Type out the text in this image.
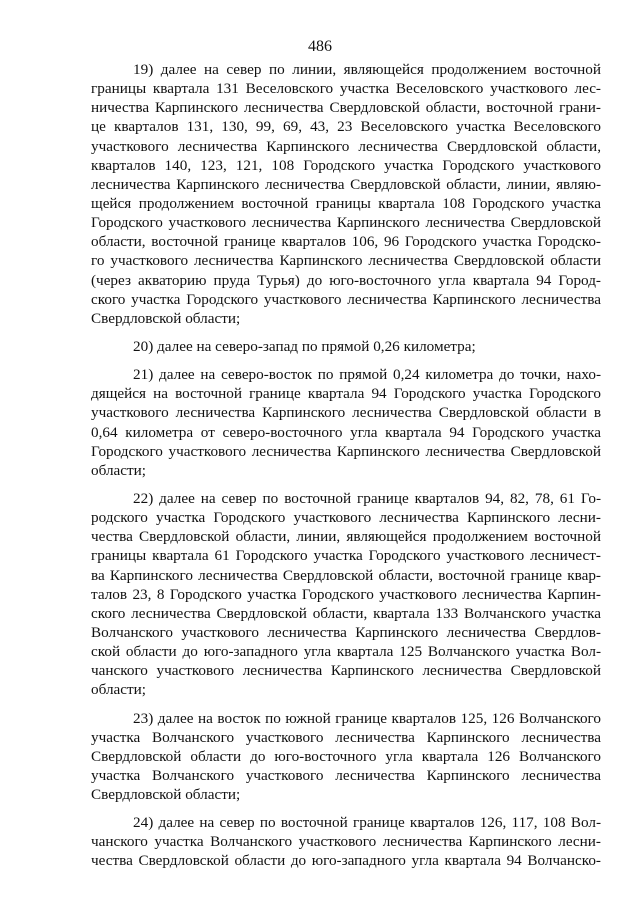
486
19) далее на север по линии, являющейся продолжением восточной
границы квартала 131 Веселовского участка Веселовского участкового лес-
ничества Карпинского лесничества Свердловской области, восточной грани-
це кварталов 131, 130, 99, 69, 43, 23 Веселовского участка Веселовского
участкового лесничества Карпинского лесничества Свердловской области,
кварталов 140, 123, 121, 108 Городского участка Городского участкового
лесничества Карпинского лесничества Свердловской области, линии, являю-
щейся продолжением восточной границы квартала 108 Городского участка
Городского участкового лесничества Карпинского лесничества Свердловской
области, восточной границе кварталов 106, 96 Городского участка Городско-
го участкового лесничества Карпинского лесничества Свердловской области
(через акваторию пруда Турья) до юго-восточного угла квартала 94 Город-
ского участка Городского участкового лесничества Карпинского лесничества
Свердловской области;
20) далее на северо-запад по прямой 0,26 километра;
21) далее на северо-восток по прямой 0,24 километра до точки, нахо-
дящейся на восточной границе квартала 94 Городского участка Городского
участкового лесничества Карпинского лесничества Свердловской области в
0,64 километра от северо-восточного угла квартала 94 Городского участка
Городского участкового лесничества Карпинского лесничества Свердловской
области;
22) далее на север по восточной границе кварталов 94, 82, 78, 61 Го-
родского участка Городского участкового лесничества Карпинского лесни-
чества Свердловской области, линии, являющейся продолжением восточной
границы квартала 61 Городского участка Городского участкового лесничест-
ва Карпинского лесничества Свердловской области, восточной границе квар-
талов 23, 8 Городского участка Городского участкового лесничества Карпин-
ского лесничества Свердловской области, квартала 133 Волчанского участка
Волчанского участкового лесничества Карпинского лесничества Свердлов-
ской области до юго-западного угла квартала 125 Волчанского участка Вол-
чанского участкового лесничества Карпинского лесничества Свердловской
области;
23) далее на восток по южной границе кварталов 125, 126 Волчанского
участка Волчанского участкового лесничества Карпинского лесничества
Свердловской области до юго-восточного угла квартала 126 Волчанского
участка Волчанского участкового лесничества Карпинского лесничества
Свердловской области;
24) далее на север по восточной границе кварталов 126, 117, 108 Вол-
чанского участка Волчанского участкового лесничества Карпинского лесни-
чества Свердловской области до юго-западного угла квартала 94 Волчанско-
